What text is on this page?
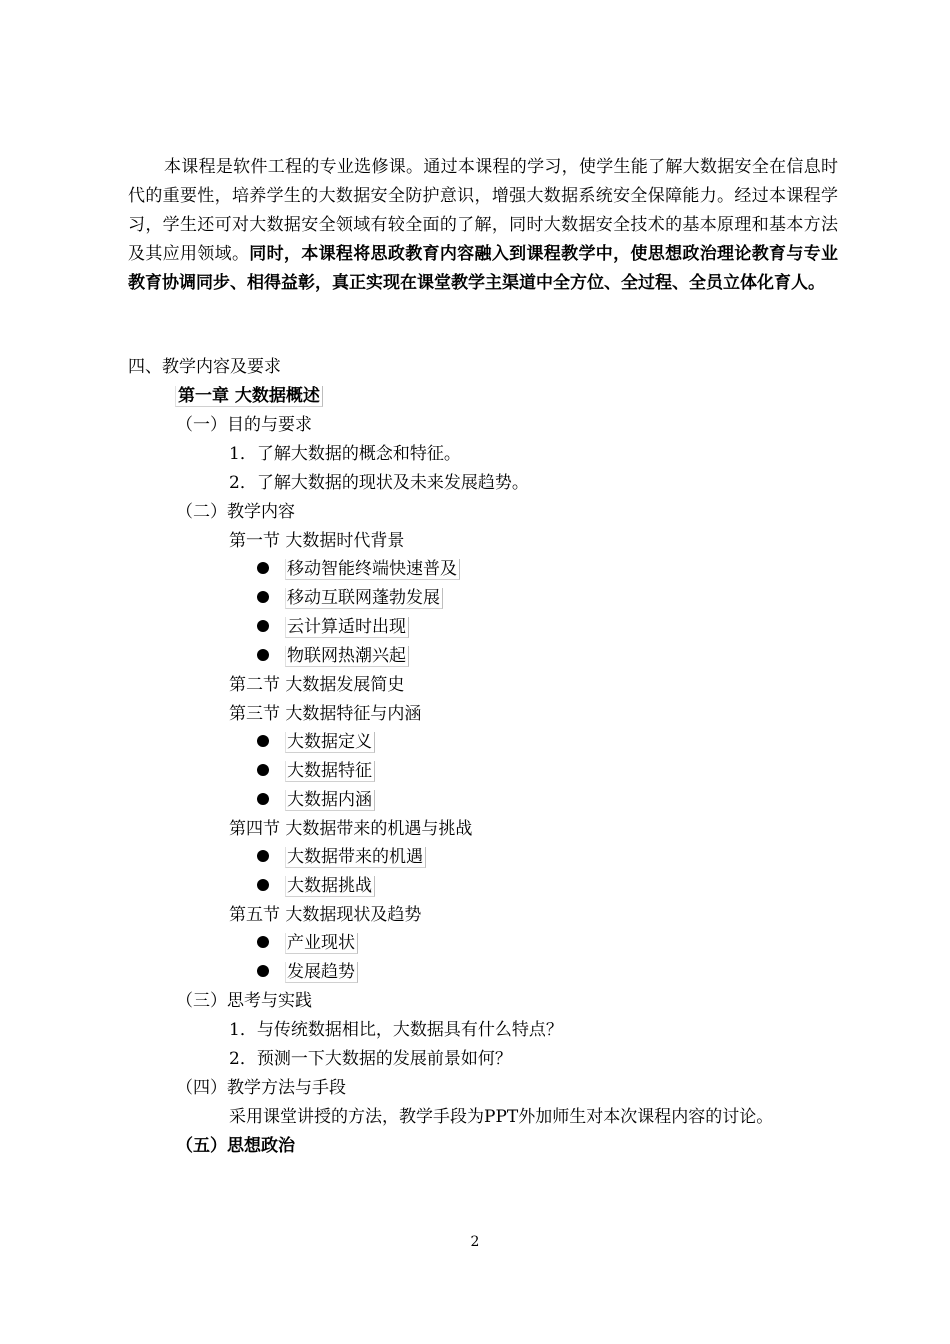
本课程是软件工程的专业选修课。通过本课程的学习，使学生能了解大数据安全在信息时代的重要性，培养学生的大数据安全防护意识，增强大数据系统安全保障能力。经过本课程学习，学生还可对大数据安全领域有较全面的了解，同时大数据安全技术的基本原理和基本方法及其应用领域。同时，本课程将思政教育内容融入到课程教学中，使思想政治理论教育与专业教育协调同步、相得益彰，真正实现在课堂教学主渠道中全方位、全过程、全员立体化育人。

四、教学内容及要求
第一章 大数据概述
（一）目的与要求
1．了解大数据的概念和特征。
2．了解大数据的现状及未来发展趋势。
（二）教学内容
第一节 大数据时代背景
移动智能终端快速普及
移动互联网蓬勃发展
云计算适时出现
物联网热潮兴起
第二节 大数据发展简史
第三节 大数据特征与内涵
大数据定义
大数据特征
大数据内涵
第四节 大数据带来的机遇与挑战
大数据带来的机遇
大数据挑战
第五节 大数据现状及趋势
产业现状
发展趋势
（三）思考与实践
1．与传统数据相比，大数据具有什么特点？
2．预测一下大数据的发展前景如何？
（四）教学方法与手段
采用课堂讲授的方法，教学手段为PPT外加师生对本次课程内容的讨论。
（五）思想政治
2
